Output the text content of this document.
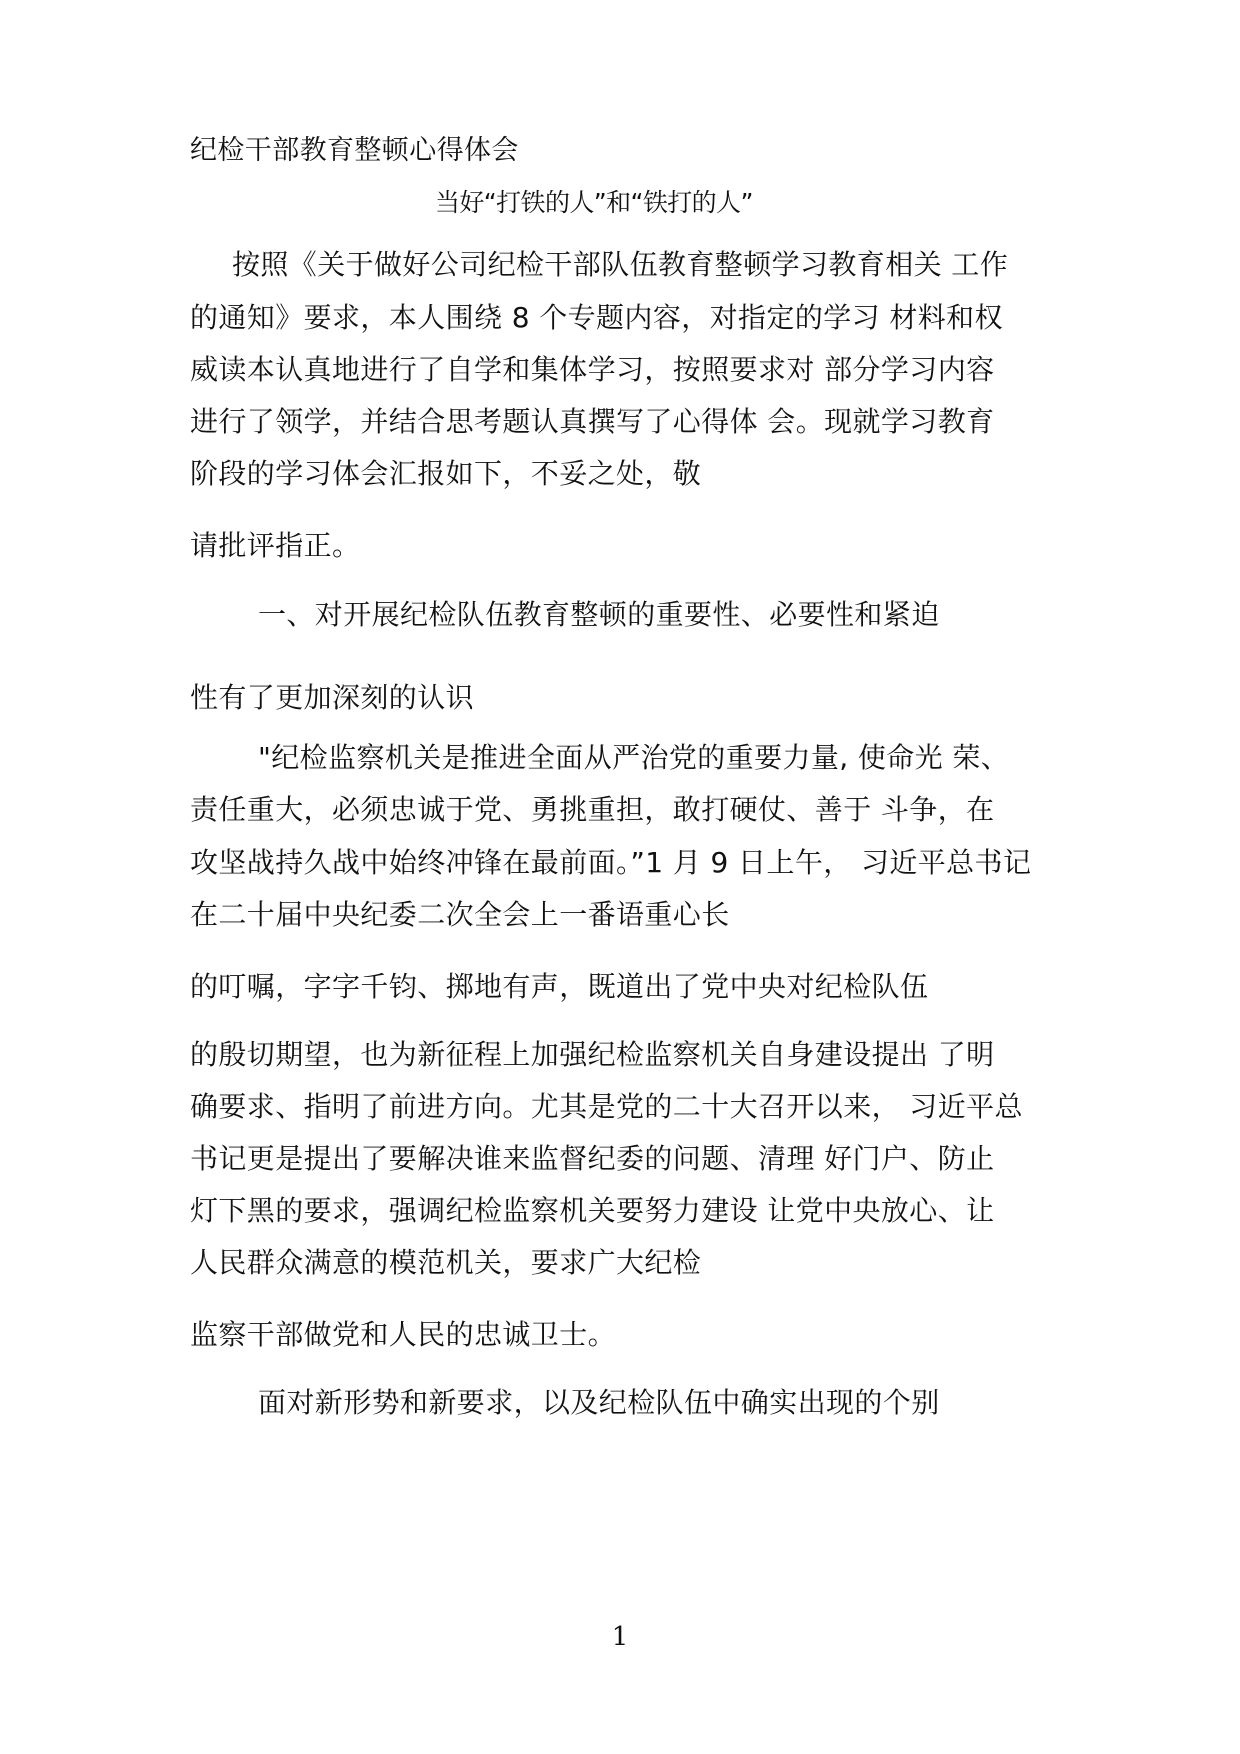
纪检干部教育整顿心得体会
当好“打铁的人”和“铁打的人”
按照《关于做好公司纪检干部队伍教育整顿学习教育相关 工作
的通知》要求，本人围绕 8 个专题内容，对指定的学习 材料和权
威读本认真地进行了自学和集体学习，按照要求对 部分学习内容
进行了领学，并结合思考题认真撰写了心得体 会。现就学习教育
阶段的学习体会汇报如下，不妥之处，敬
请批评指正。
一、对开展纪检队伍教育整顿的重要性、必要性和紧迫
性有了更加深刻的认识
"纪检监察机关是推进全面从严治党的重要力量, 使命光 荣、
责任重大，必须忠诚于党、勇挑重担，敢打硬仗、善于 斗争，在
攻坚战持久战中始终冲锋在最前面。”1 月 9 日上午， 习近平总书记
在二十届中央纪委二次全会上一番语重心长
的叮嘱，字字千钧、掷地有声，既道出了党中央对纪检队伍
的殷切期望，也为新征程上加强纪检监察机关自身建设提出 了明
确要求、指明了前进方向。尤其是党的二十大召开以来， 习近平总
书记更是提出了要解决谁来监督纪委的问题、清理 好门户、防止
灯下黑的要求，强调纪检监察机关要努力建设 让党中央放心、让
人民群众满意的模范机关，要求广大纪检
监察干部做党和人民的忠诚卫士。
面对新形势和新要求，以及纪检队伍中确实出现的个别
1
